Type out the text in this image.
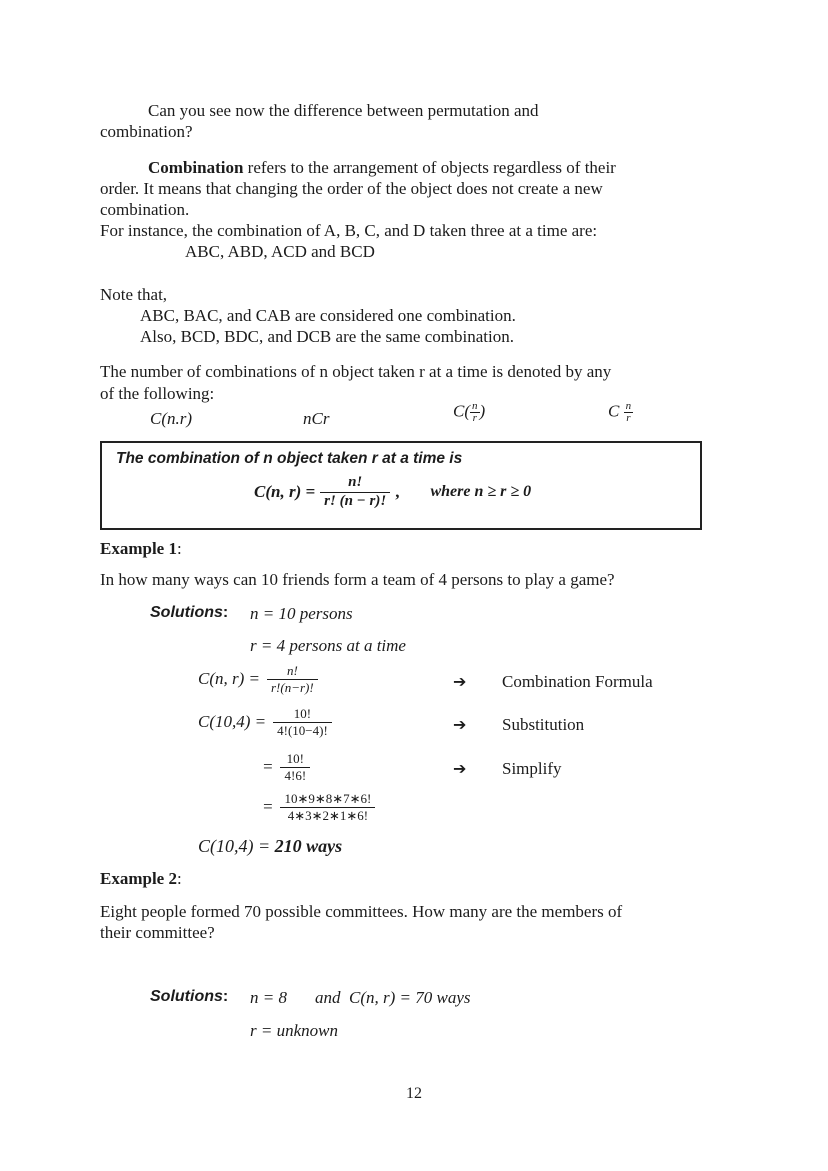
Can you see now the difference between permutation and
combination?
Combination refers to the arrangement of objects regardless of their
order. It means that changing the order of the object does not create a new
combination.
For instance, the combination of A, B, C, and D taken three at a time are:
ABC, ABD, ACD and BCD
Note that,
ABC, BAC, and CAB are considered one combination.
Also, BCD, BDC, and DCB are the same combination.
The number of combinations of n object taken r at a time is denoted by any
of the following:
C(n.r)	nCr	$C( \frac{n}{r}$ )	C $\frac{n}{r}$
The combination of n object taken r at a time is
C(n, $r) = \frac{n!}{r! (n - r)!}$ , where n ≥ r ≥ 0
Example 1:
In how many ways can 10 friends form a team of 4 persons to play a game?
Solutions: n = 10 persons
r = 4 persons at a time
C(n, $r) = \frac{n!}{r!(n-r)!}$	➔ Combination Formula
$C(10,4) = \frac{10!}{4!(10-4)!}$	➔ Substitution
= $\frac{10!}{4!6!}$	➔ Simplify
= $\frac{10∗9∗8∗7∗6!}{4∗3∗2∗1∗6!}$
C(10,4) = 210 ways
Example 2:
Eight people formed 70 possible committees. How many are the members of
their committee?
Solutions: n = 8 and C(n, r) = 70 ways
r = unknown
12
